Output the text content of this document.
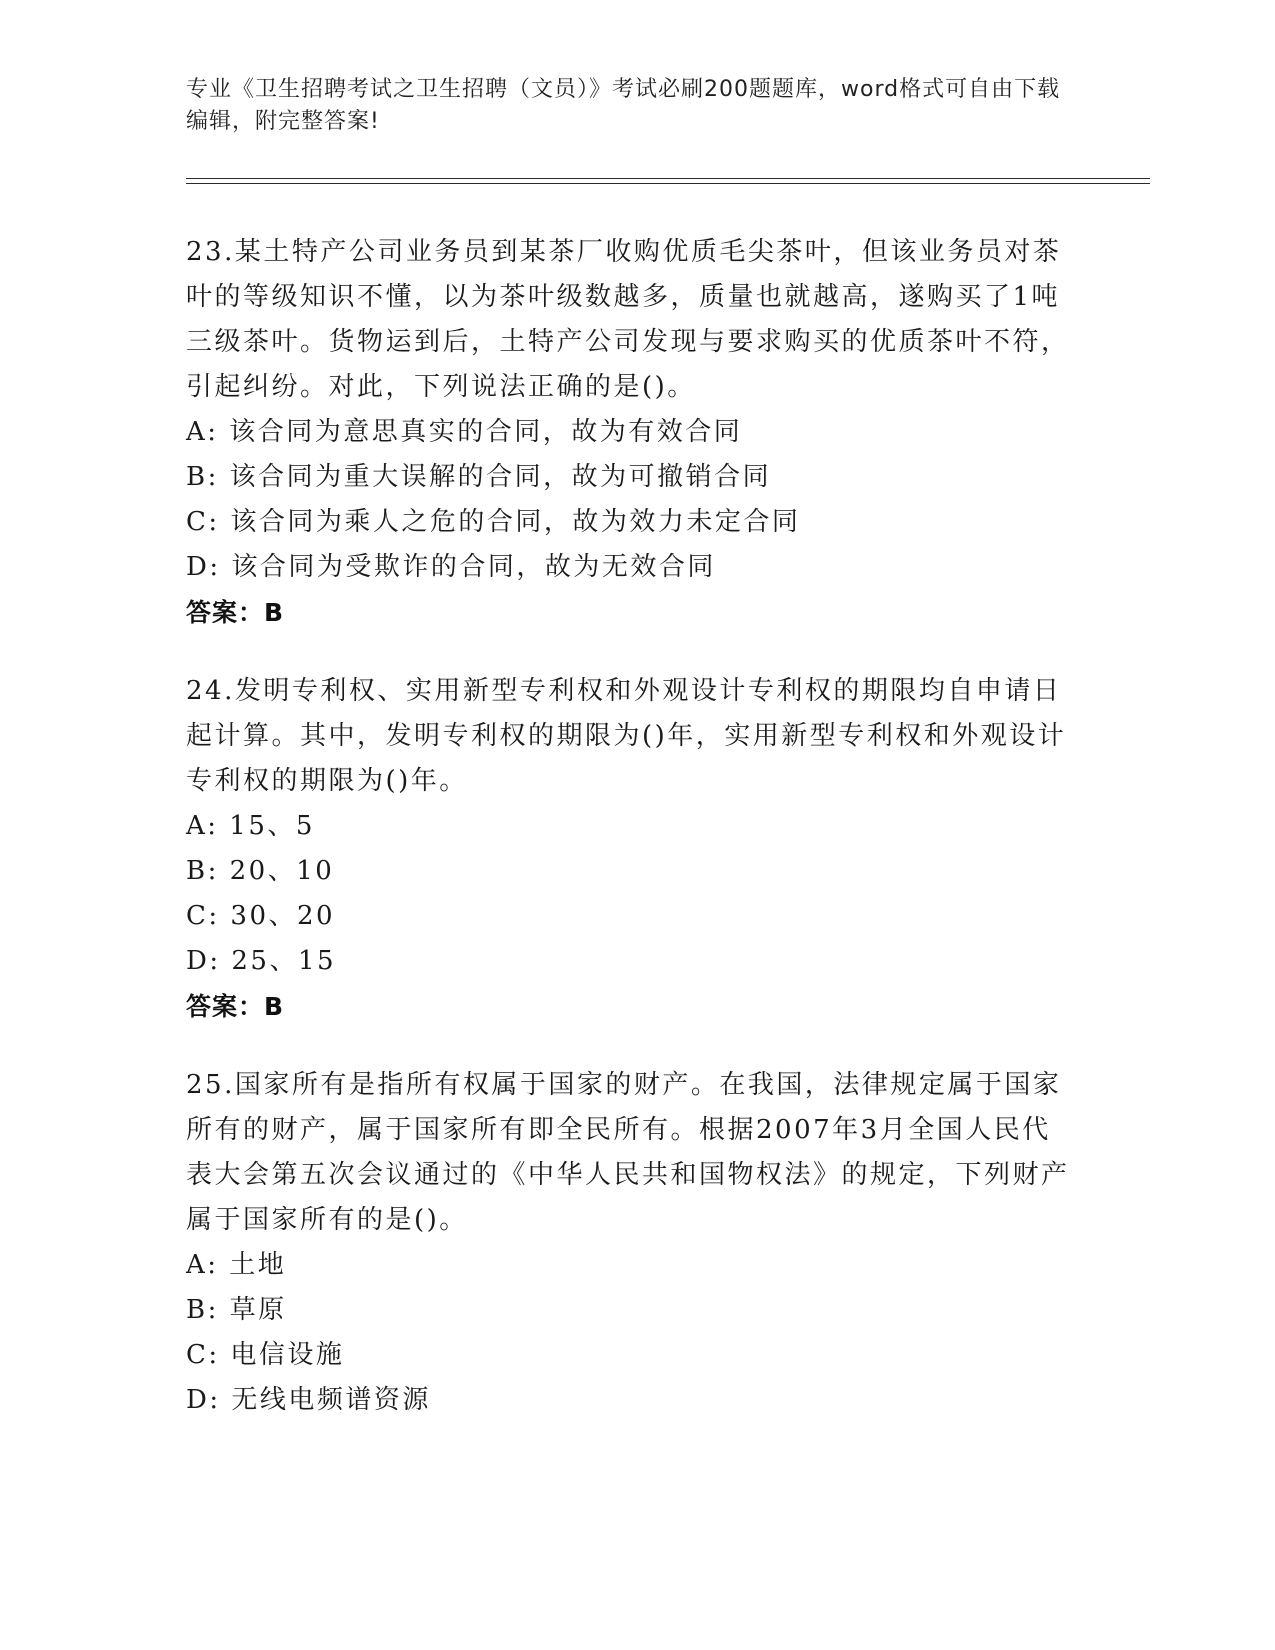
专业《卫生招聘考试之卫生招聘（文员）》考试必刷200题题库，word格式可自由下载编辑，附完整答案!

23.某土特产公司业务员到某茶厂收购优质毛尖茶叶，但该业务员对茶叶的等级知识不懂，以为茶叶级数越多，质量也就越高，遂购买了1吨三级茶叶。货物运到后，土特产公司发现与要求购买的优质茶叶不符，引起纠纷。对此，下列说法正确的是()。

A: 该合同为意思真实的合同，故为有效合同
B: 该合同为重大误解的合同，故为可撤销合同
C: 该合同为乘人之危的合同，故为效力未定合同
D: 该合同为受欺诈的合同，故为无效合同
答案：B

24.发明专利权、实用新型专利权和外观设计专利权的期限均自申请日起计算。其中，发明专利权的期限为()年，实用新型专利权和外观设计专利权的期限为()年。

A: 15、5
B: 20、10
C: 30、20
D: 25、15
答案：B

25.国家所有是指所有权属于国家的财产。在我国，法律规定属于国家所有的财产，属于国家所有即全民所有。根据2007年3月全国人民代表大会第五次会议通过的《中华人民共和国物权法》的规定，下列财产属于国家所有的是()。

A: 土地
B: 草原
C: 电信设施
D: 无线电频谱资源
